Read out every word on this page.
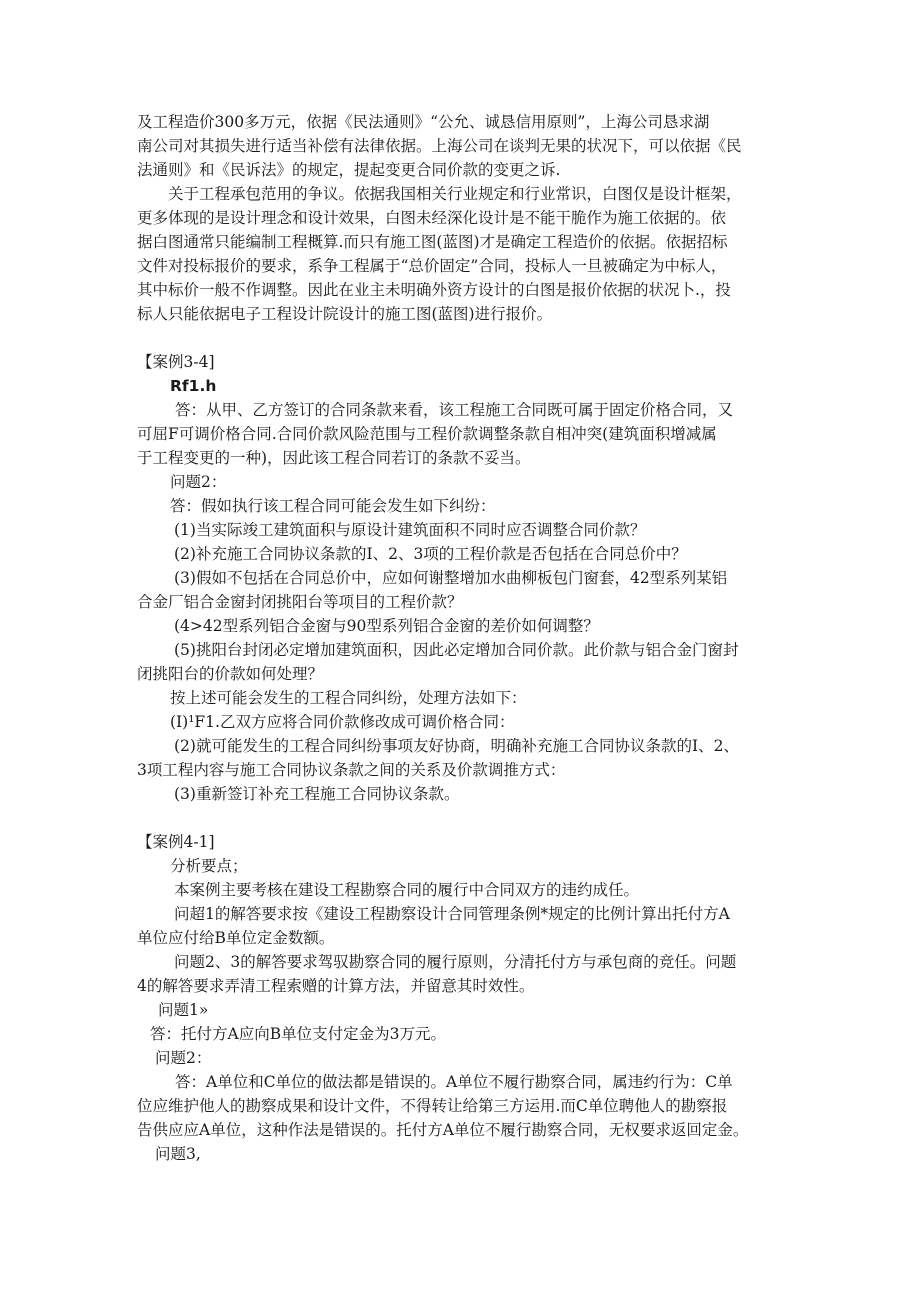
及工程造价300多万元，依据《民法通则》“公允、诚恳信用原则”，上海公司恳求湖
南公司对其损失进行适当补偿有法律依据。上海公司在谈判无果的状况下，可以依据《民
法通则》和《民诉法》的规定，提起变更合同价款的变更之诉.
关于工程承包范用的争议。依据我国相关行业规定和行业常识，白图仅是设计框架，
更多体现的是设计理念和设计效果，白图未经深化设计是不能干脆作为施工依据的。依
据白图通常只能编制工程概算.而只有施工图(蓝图)才是确定工程造价的依据。依据招标
文件对投标报价的要求，系争工程属于“总价固定”合同，投标人一旦被确定为中标人，
其中标价一般不作调整。因此在业主未明确外资方设计的白图是报价依据的状况卜.，投
标人只能依据电子工程设计院设计的施工图(蓝图)进行报价。
【案例3-4]
Rf1.h
答：从甲、乙方签订的合同条款来看，该工程施工合同既可属于固定价格合同，又
可屈F可调价格合同.合同价款风险范围与工程价款调整条款自相冲突(建筑面积增减属
于工程变更的一种)，因此该工程合同若订的条款不妥当。
问题2：
答：假如执行该工程合同可能会发生如下纠纷：
(1)当实际竣工建筑面积与原设计建筑面积不同时应否调整合同价款？
(2)补充施工合同协议条款的I、2、3项的工程价款是否包括在合同总价中？
(3)假如不包括在合同总价中，应如何谢整增加水曲柳板包门窗套，42型系列某铝
合金厂铝合金窗封闭挑阳台等项目的工程价款？
(4>42型系列铝合金窗与90型系列铝合金窗的差价如何调整？
(5)挑阳台封闭必定增加建筑面积，因此必定增加合同价款。此价款与铝合金门窗封
闭挑阳台的价款如何处理？
按上述可能会发生的工程合同纠纷，处理方法如下：
(I)¹F1.乙双方应将合同价款修改成可调价格合同：
(2)就可能发生的工程合同纠纷事项友好协商，明确补充施工合同协议条款的I、2、
3项工程内容与施工合同协议条款之间的关系及价款调推方式：
(3)重新签订补充工程施工合同协议条款。
【案例4-1]
分析要点；
本案例主要考核在建设工程勘察合同的履行中合同双方的违约成任。
问超1的解答要求按《建设工程勘察设计合同管理条例*规定的比例计算出托付方A
单位应付给B单位定金数额。
问题2、3的解答要求驾驭勘察合同的履行原则，分清托付方与承包商的竞任。问题
4的解答要求弄清工程索赠的计算方法，并留意其时效性。
问题1»
答：托付方A应向B单位支付定金为3万元。
问题2：
答：A单位和C单位的做法都是错误的。A单位不履行勘察合同，属违约行为：C单
位应维护他人的勘察成果和设计文件，不得转让给第三方运用.而C单位聘他人的勘察报
告供应应A单位，这种作法是错误的。托付方A单位不履行勘察合同，无权要求返回定金。
问题3,
